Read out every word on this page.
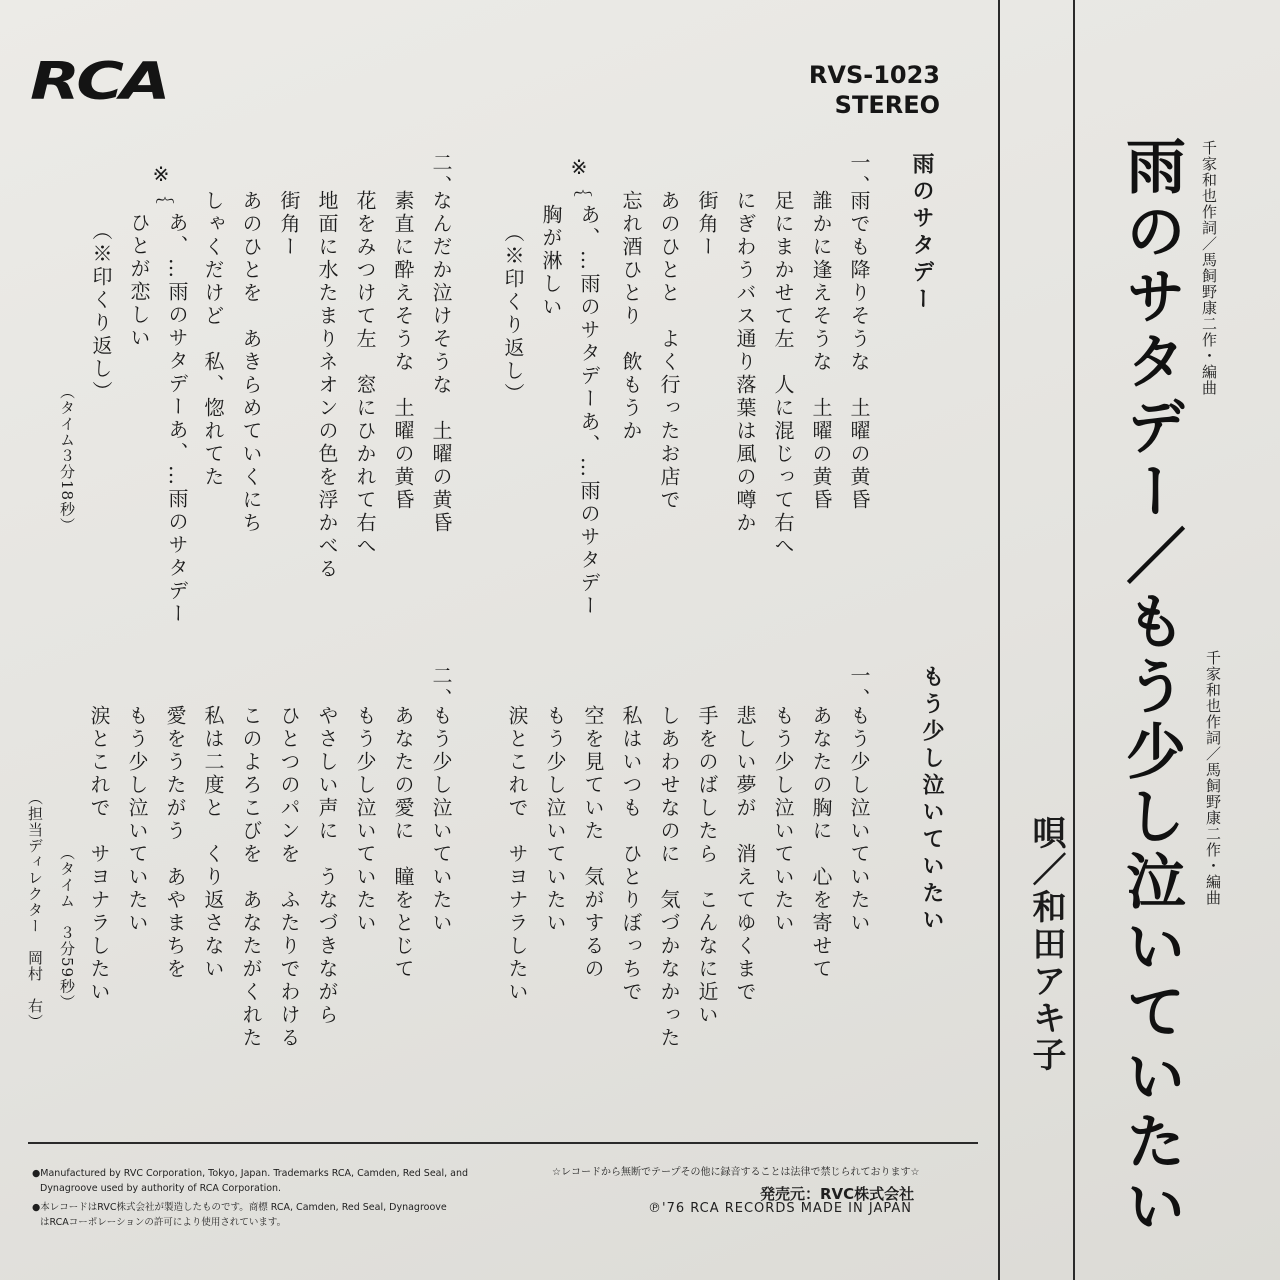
RCA	RVS-1023
STEREO
雨のサタデー／もう少し泣いていたい 千家和也作詞／馬飼野康二作・編曲
千家和也作詞／馬飼野康二作・編曲
唄／和田アキ子
雨のサタデー
一、
雨でも降りそうな　土曜の黄昏
誰かに逢えそうな　土曜の黄昏
足にまかせて左　人に混じって右へ
にぎわうバス通り落葉は風の噂か
街角ー
あのひとと　よく行ったお店で
忘れ酒ひとり　飲もうか
※
︷
あ、…雨のサタデーあ、…雨のサタデー
胸が淋しい
（※印くり返し）
二、
なんだか泣けそうな　土曜の黄昏
素直に酔えそうな　土曜の黄昏
花をみつけて左　窓にひかれて右へ
地面に水たまりネオンの色を浮かべる
街角ー
あのひとを　あきらめていくにち
しゃくだけど　私、惚れてた
※
︷
あ、…雨のサタデーあ、…雨のサタデー
ひとが恋しい
（※印くり返し）
（タイム３分18秒）
もう少し泣いていたい
一、
もう少し泣いていたい
あなたの胸に　心を寄せて
もう少し泣いていたい
悲しい夢が　消えてゆくまで
手をのばしたら　こんなに近い
しあわせなのに　気づかなかった
私はいつも　ひとりぼっちで
空を見ていた　気がするの
もう少し泣いていたい
涙とこれで　サヨナラしたい
二、
もう少し泣いていたい
あなたの愛に　瞳をとじて
もう少し泣いていたい
やさしい声に　うなづきながら
ひとつのパンを　ふたりでわける
このよろこびを　あなたがくれた
私は二度と　くり返さない
愛をうたがう　あやまちを
もう少し泣いていたい
涙とこれで　サヨナラしたい
（タイム　３分59秒）
（担当ディレクター　岡村　右）
●Manufactured by RVC Corporation, Tokyo, Japan. Trademarks RCA, Camden, Red Seal, and
Dynagroove used by authority of RCA Corporation.
●本レコードはRVC株式会社が製造したものです。商標 RCA, Camden, Red Seal, Dynagroove
はRCAコーポレーションの許可により使用されています。
☆レコードから無断でテープその他に録音することは法律で禁じられております☆
発売元：RVC株式会社
℗'76 RCA RECORDS MADE IN JAPAN
